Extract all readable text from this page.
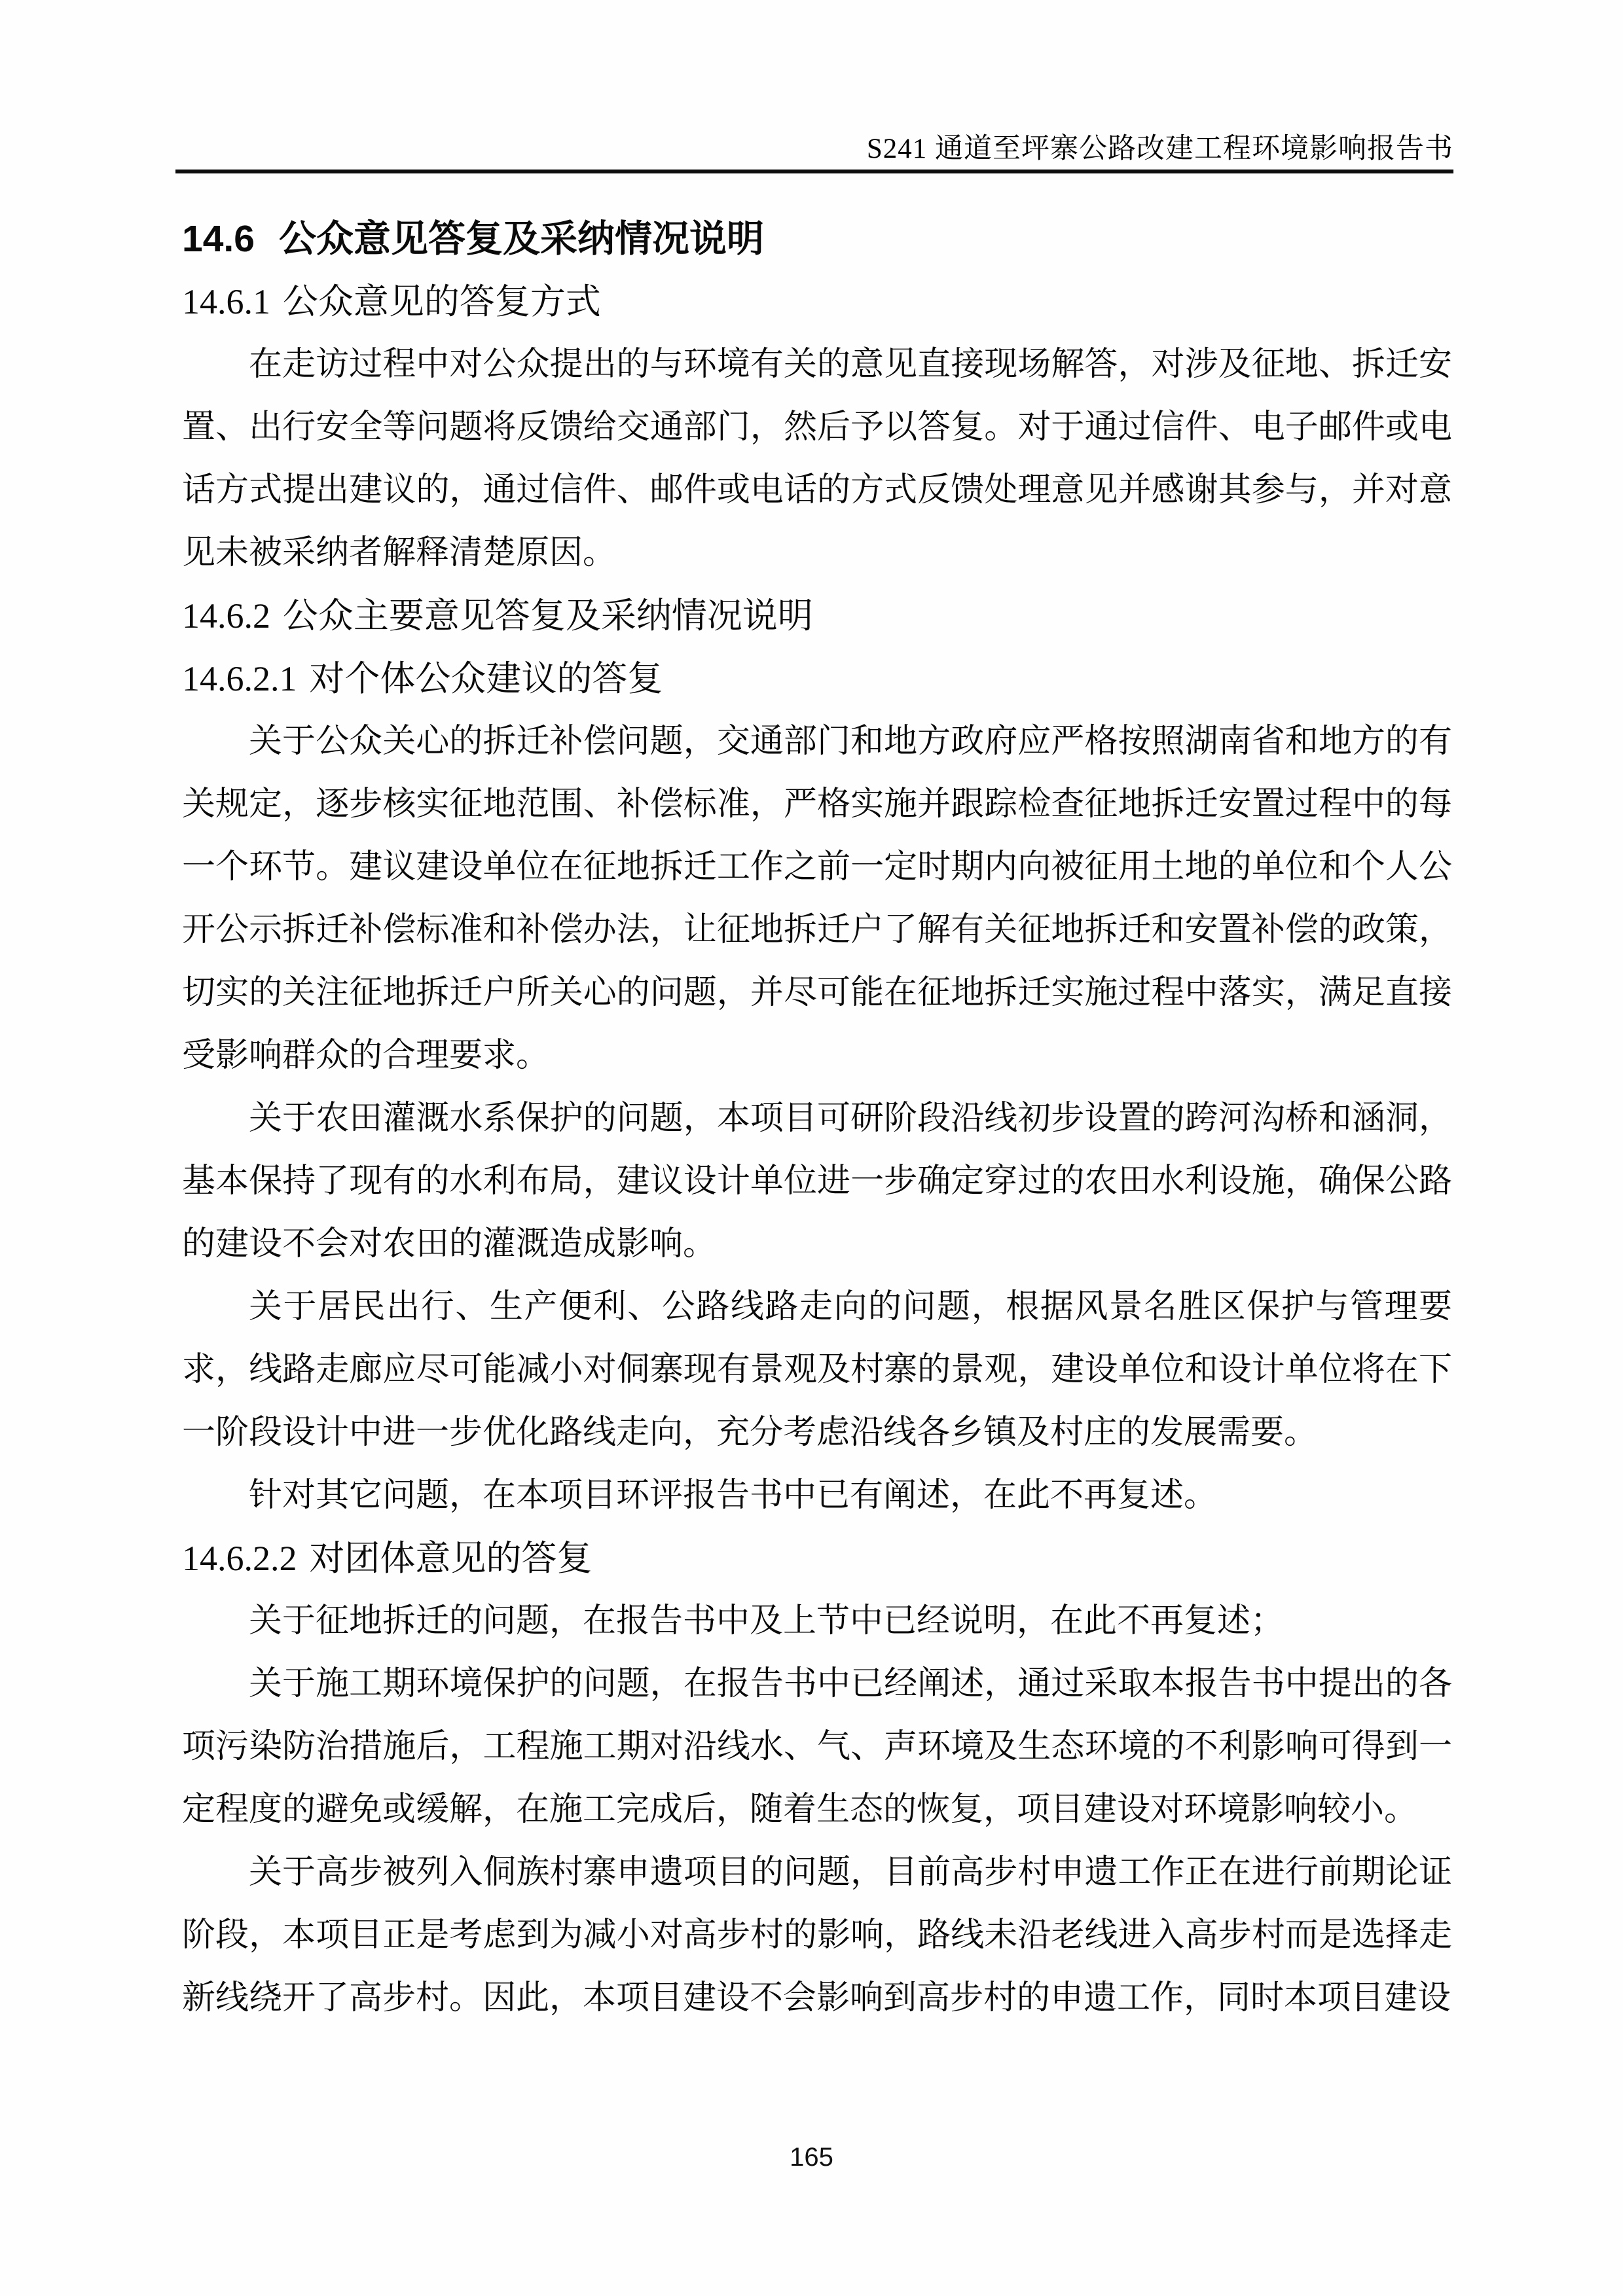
S241 通道至坪寨公路改建工程环境影响报告书
14.6 公众意见答复及采纳情况说明
14.6.1 公众意见的答复方式

在走访过程中对公众提出的与环境有关的意见直接现场解答，对涉及征地、拆迁安置、出行安全等问题将反馈给交通部门，然后予以答复。对于通过信件、电子邮件或电话方式提出建议的，通过信件、邮件或电话的方式反馈处理意见并感谢其参与，并对意见未被采纳者解释清楚原因。

14.6.2 公众主要意见答复及采纳情况说明
14.6.2.1 对个体公众建议的答复

关于公众关心的拆迁补偿问题，交通部门和地方政府应严格按照湖南省和地方的有关规定，逐步核实征地范围、补偿标准，严格实施并跟踪检查征地拆迁安置过程中的每一个环节。建议建设单位在征地拆迁工作之前一定时期内向被征用土地的单位和个人公开公示拆迁补偿标准和补偿办法，让征地拆迁户了解有关征地拆迁和安置补偿的政策，切实的关注征地拆迁户所关心的问题，并尽可能在征地拆迁实施过程中落实，满足直接受影响群众的合理要求。

关于农田灌溉水系保护的问题，本项目可研阶段沿线初步设置的跨河沟桥和涵洞，基本保持了现有的水利布局，建议设计单位进一步确定穿过的农田水利设施，确保公路的建设不会对农田的灌溉造成影响。

关于居民出行、生产便利、公路线路走向的问题，根据风景名胜区保护与管理要求，线路走廊应尽可能减小对侗寨现有景观及村寨的景观，建设单位和设计单位将在下一阶段设计中进一步优化路线走向，充分考虑沿线各乡镇及村庄的发展需要。

针对其它问题，在本项目环评报告书中已有阐述，在此不再复述。

14.6.2.2 对团体意见的答复

关于征地拆迁的问题，在报告书中及上节中已经说明，在此不再复述；

关于施工期环境保护的问题，在报告书中已经阐述，通过采取本报告书中提出的各项污染防治措施后，工程施工期对沿线水、气、声环境及生态环境的不利影响可得到一定程度的避免或缓解，在施工完成后，随着生态的恢复，项目建设对环境影响较小。

关于高步被列入侗族村寨申遗项目的问题，目前高步村申遗工作正在进行前期论证阶段，本项目正是考虑到为减小对高步村的影响，路线未沿老线进入高步村而是选择走新线绕开了高步村。因此，本项目建设不会影响到高步村的申遗工作，同时本项目建设

165
